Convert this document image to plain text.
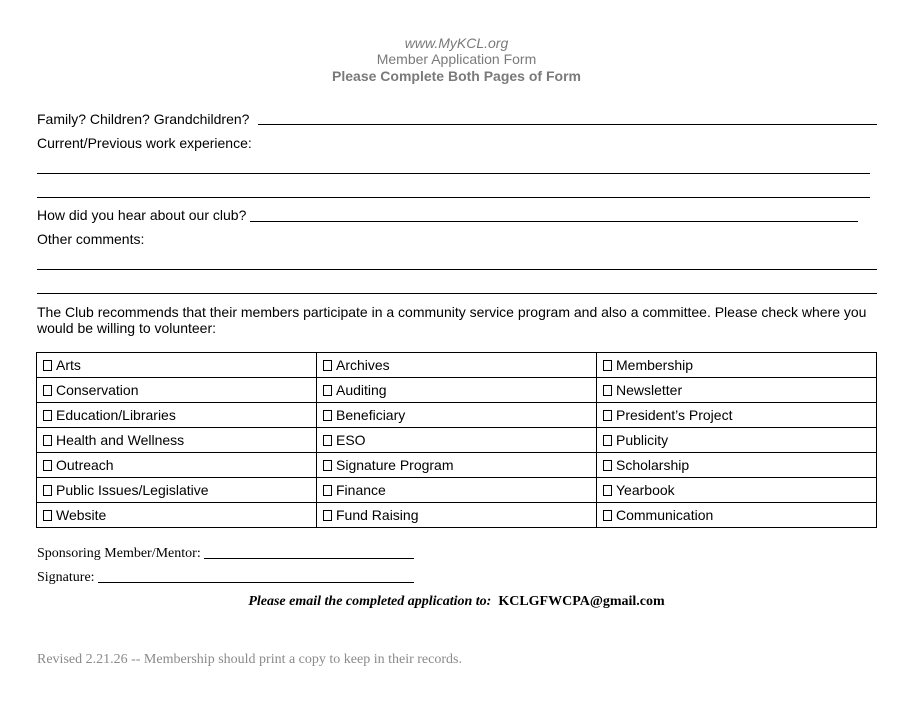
www.MyKCL.org
Member Application Form
Please Complete Both Pages of Form
Family? Children? Grandchildren?
Current/Previous work experience:
How did you hear about our club?
Other comments:
The Club recommends that their members participate in a community service program and also a committee. Please check where you would be willing to volunteer:
Arts	Archives	Membership
Conservation	Auditing	Newsletter
Education/Libraries	Beneficiary	President’s Project
Health and Wellness	ESO	Publicity
Outreach	Signature Program	Scholarship
Public Issues/Legislative	Finance	Yearbook
Website	Fund Raising	Communication
Sponsoring Member/Mentor:
Signature:
Please email the completed application to: KCLGFWCPA@gmail.com
Revised 2.21.26 -- Membership should print a copy to keep in their records.
